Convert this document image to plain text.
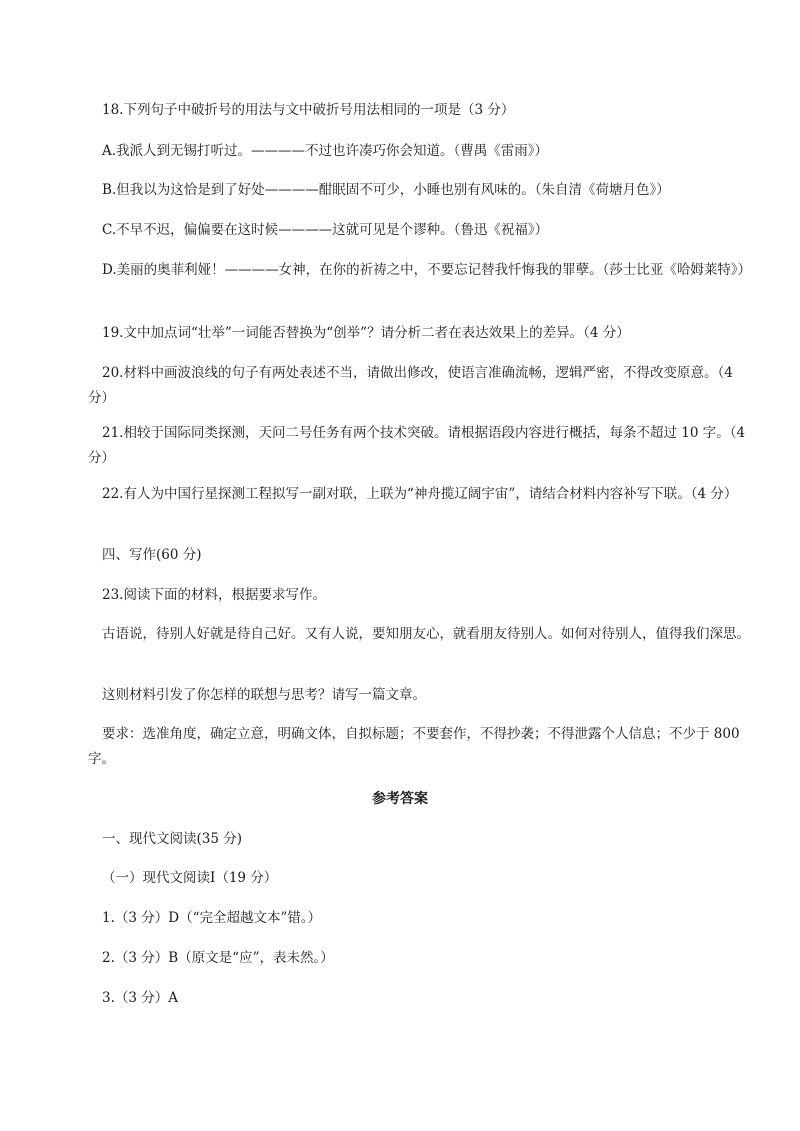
18.下列句子中破折号的用法与文中破折号用法相同的一项是（3 分）

A.我派人到无锡打听过。————不过也许凑巧你会知道。（曹禺《雷雨》）

B.但我以为这恰是到了好处————酣眠固不可少，小睡也别有风味的。（朱自清《荷塘月色》）

C.不早不迟，偏偏要在这时候————这就可见是个谬种。（鲁迅《祝福》）

D.美丽的奥菲利娅！————女神，在你的祈祷之中，不要忘记替我忏悔我的罪孽。（莎士比亚《哈姆莱特》）

19.文中加点词“壮举”一词能否替换为“创举”？请分析二者在表达效果上的差异。（4 分）

20.材料中画波浪线的句子有两处表述不当，请做出修改，使语言准确流畅，逻辑严密，不得改变原意。（4 分）

21.相较于国际同类探测，天问二号任务有两个技术突破。请根据语段内容进行概括，每条不超过 10 字。（4 分）

22.有人为中国行星探测工程拟写一副对联，上联为“神舟揽辽阔宇宙”，请结合材料内容补写下联。（4 分）

四、写作(60 分)

23.阅读下面的材料，根据要求写作。

古语说，待别人好就是待自己好。又有人说，要知朋友心，就看朋友待别人。如何对待别人，值得我们深思。

这则材料引发了你怎样的联想与思考？请写一篇文章。

要求：选准角度，确定立意，明确文体，自拟标题；不要套作，不得抄袭；不得泄露个人信息；不少于 800 字。

参考答案

一、现代文阅读(35 分)

（一）现代文阅读Ⅰ（19 分）

1.（3 分）D（“完全超越文本”错。）

2.（3 分）B（原文是“应”，表未然。）

3.（3 分）A
